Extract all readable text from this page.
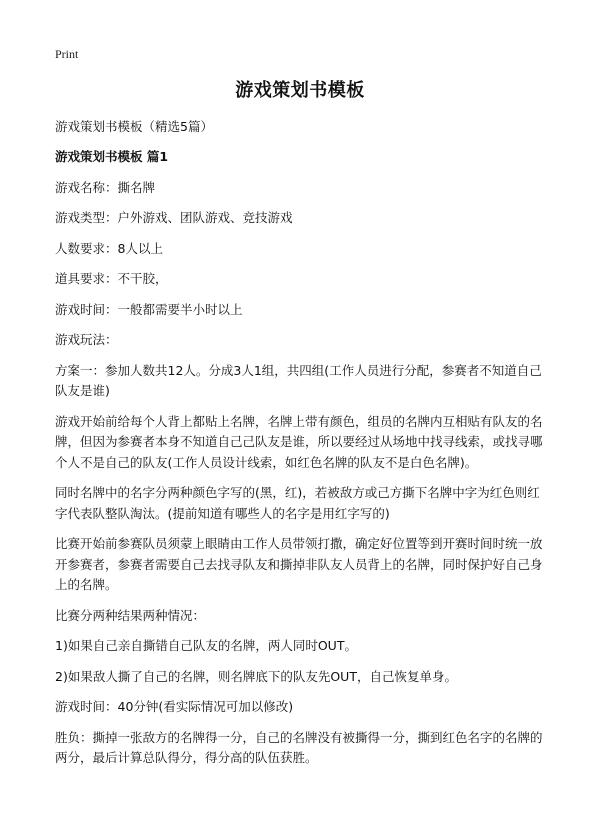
Print
游戏策划书模板

游戏策划书模板（精选5篇）

游戏策划书模板 篇1

游戏名称：撕名牌

游戏类型：户外游戏、团队游戏、竞技游戏

人数要求：8人以上

道具要求：不干胶，

游戏时间：一般都需要半小时以上

游戏玩法：

方案一：参加人数共12人。分成3人1组，共四组(工作人员进行分配，参赛者不知道自己队友是谁)

游戏开始前给每个人背上都贴上名牌，名牌上带有颜色，组员的名牌内互相贴有队友的名牌，但因为参赛者本身不知道自己己队友是谁，所以要经过从场地中找寻线索，或找寻哪个人不是自己的队友(工作人员设计线索，如红色名牌的队友不是白色名牌)。

同时名牌中的名字分两种颜色字写的(黑，红)，若被敌方或己方撕下名牌中字为红色则红字代表队整队淘汰。(提前知道有哪些人的名字是用红字写的)

比赛开始前参赛队员须蒙上眼睛由工作人员带领打撒，确定好位置等到开赛时间时统一放开参赛者，参赛者需要自己去找寻队友和撕掉非队友人员背上的名牌，同时保护好自己身上的名牌。

比赛分两种结果两种情况：

1)如果自己亲自撕错自己队友的名牌，两人同时OUT。

2)如果敌人撕了自己的名牌，则名牌底下的队友先OUT，自己恢复单身。

游戏时间：40分钟(看实际情况可加以修改)

胜负：撕掉一张敌方的名牌得一分，自己的名牌没有被撕得一分，撕到红色名字的名牌的两分，最后计算总队得分，得分高的队伍获胜。
